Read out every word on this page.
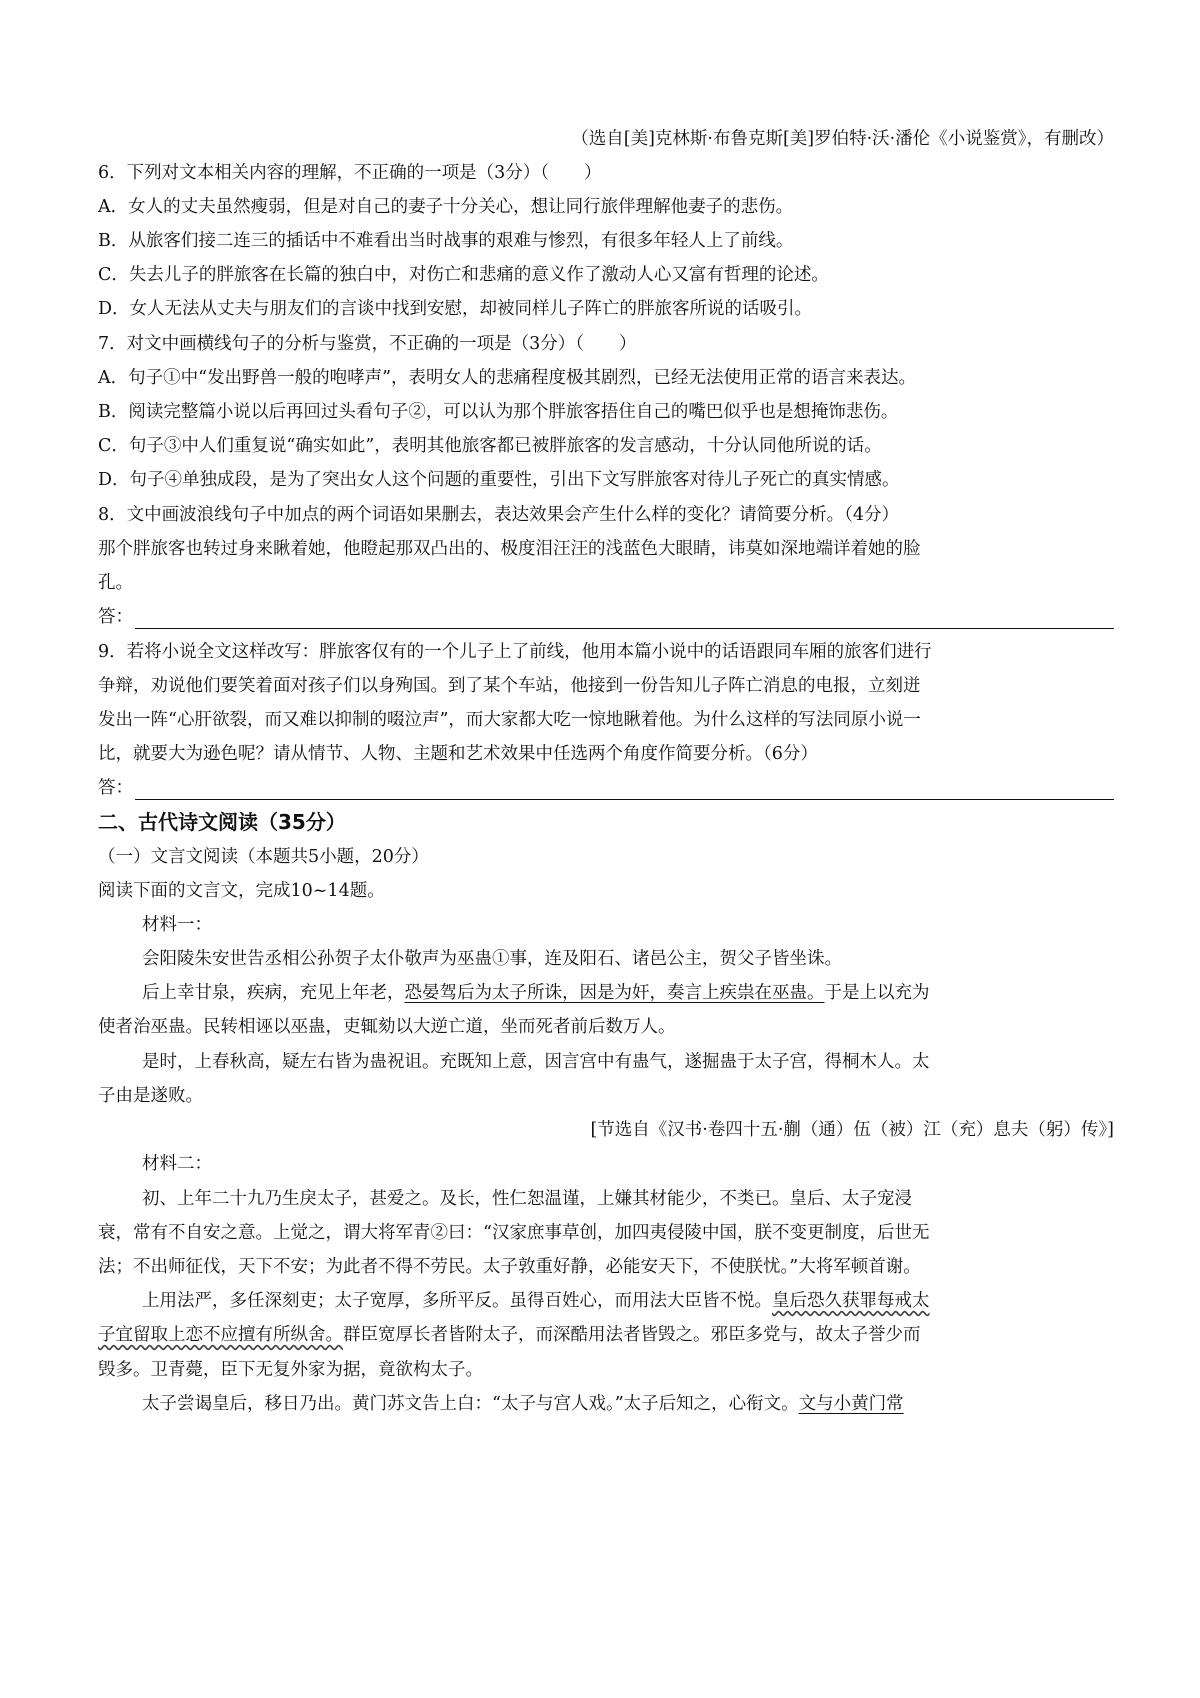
（选自[美]克林斯·布鲁克斯[美]罗伯特·沃·潘伦《小说鉴赏》，有删改）
6．下列对文本相关内容的理解，不正确的一项是（3分）（　　）
A．女人的丈夫虽然瘦弱，但是对自己的妻子十分关心，想让同行旅伴理解他妻子的悲伤。
B．从旅客们接二连三的插话中不难看出当时战事的艰难与惨烈，有很多年轻人上了前线。
C．失去儿子的胖旅客在长篇的独白中，对伤亡和悲痛的意义作了激动人心又富有哲理的论述。
D．女人无法从丈夫与朋友们的言谈中找到安慰，却被同样儿子阵亡的胖旅客所说的话吸引。
7．对文中画横线句子的分析与鉴赏，不正确的一项是（3分）（　　）
A．句子①中“发出野兽一般的咆哮声”，表明女人的悲痛程度极其剧烈，已经无法使用正常的语言来表达。
B．阅读完整篇小说以后再回过头看句子②，可以认为那个胖旅客捂住自己的嘴巴似乎也是想掩饰悲伤。
C．句子③中人们重复说“确实如此”，表明其他旅客都已被胖旅客的发言感动，十分认同他所说的话。
D．句子④单独成段，是为了突出女人这个问题的重要性，引出下文写胖旅客对待儿子死亡的真实情感。
8．文中画波浪线句子中加点的两个词语如果删去，表达效果会产生什么样的变化？请简要分析。（4分）
那个胖旅客也转过身来瞅着她，他瞪起那双凸出的、极度泪汪汪的浅蓝色大眼睛，讳莫如深地端详着她的脸
孔。
答：
9．若将小说全文这样改写：胖旅客仅有的一个儿子上了前线，他用本篇小说中的话语跟同车厢的旅客们进行
争辩，劝说他们要笑着面对孩子们以身殉国。到了某个车站，他接到一份告知儿子阵亡消息的电报，立刻迸
发出一阵“心肝欲裂，而又难以抑制的啜泣声”，而大家都大吃一惊地瞅着他。为什么这样的写法同原小说一
比，就要大为逊色呢？请从情节、人物、主题和艺术效果中任选两个角度作简要分析。（6分）
答：
二、古代诗文阅读（35分）
（一）文言文阅读（本题共5小题，20分）
阅读下面的文言文，完成10~14题。
材料一：
会阳陵朱安世告丞相公孙贺子太仆敬声为巫蛊①事，连及阳石、诸邑公主，贺父子皆坐诛。
后上幸甘泉，疾病，充见上年老，恐晏驾后为太子所诛，因是为奸，奏言上疾祟在巫蛊。于是上以充为
使者治巫蛊。民转相诬以巫蛊，吏辄劾以大逆亡道，坐而死者前后数万人。
是时，上春秋高，疑左右皆为蛊祝诅。充既知上意，因言宫中有蛊气，遂掘蛊于太子宫，得桐木人。太
子由是遂败。
[节选自《汉书·卷四十五·蒯（通）伍（被）江（充）息夫（躬）传》]
材料二：
初、上年二十九乃生戾太子，甚爱之。及长，性仁恕温谨，上嫌其材能少，不类已。皇后、太子宠浸
衰，常有不自安之意。上觉之，谓大将军青②曰：“汉家庶事草创，加四夷侵陵中国，朕不变更制度，后世无
法；不出师征伐，天下不安；为此者不得不劳民。太子敦重好静，必能安天下，不使朕忧。”大将军顿首谢。
上用法严，多任深刻吏；太子宽厚，多所平反。虽得百姓心，而用法大臣皆不悦。皇后恐久获罪每戒太
子宜留取上恋不应擅有所纵舍。群臣宽厚长者皆附太子，而深酷用法者皆毁之。邪臣多党与，故太子誉少而
毁多。卫青薨，臣下无复外家为据，竟欲构太子。
太子尝谒皇后，移日乃出。黄门苏文告上白：“太子与宫人戏。”太子后知之，心衔文。文与小黄门常
